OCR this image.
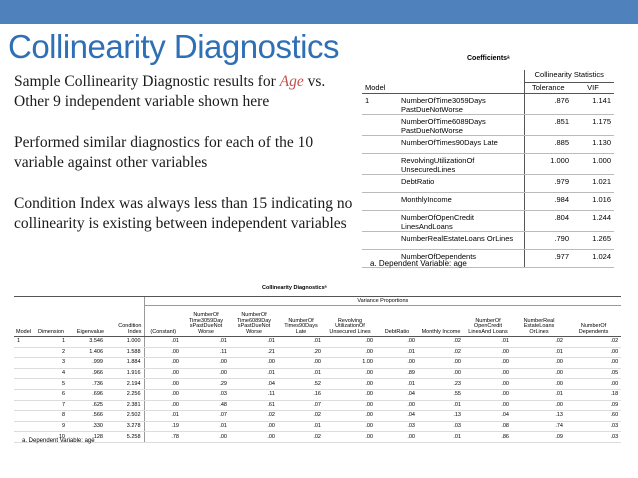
Collinearity Diagnostics

Sample Collinearity Diagnostic results for Age vs. Other 9 independent variable shown here

Performed similar diagnostics for each of the 10 variable against other variables

Condition Index was always less than 15 indicating no collinearity is existing between independent variables

Coefficientsᵃ
		Collinearity Statistics	
Model		Tolerance	VIF
1	NumberOfTime3059Days PastDueNotWorse	.876	1.141
	NumberOfTime6089Days PastDueNotWorse	.851	1.175
	NumberOfTimes90Days Late	.885	1.130
	RevolvingUtilizationOf UnsecuredLines	1.000	1.000
	DebtRatio	.979	1.021
	MonthlyIncome	.984	1.016
	NumberOfOpenCredit LinesAndLoans	.804	1.244
	NumberRealEstateLoans OrLines	.790	1.265
	NumberOfDependents	.977	1.024
a. Dependent Variable: age
Collinearity Diagnosticsᵃ
				Variance Proportions									
Model	Dimension	Eigenvalue	Condition Index	(Constant)	NumberOf Time3059Day sPastDueNot Worse	NumberOf Time6089Day sPastDueNot Worse	NumberOf Times90Days Late	Revolving UtilizationOf Unsecured Lines	DebtRatio	Monthly Income	NumberOf OpenCredit LinesAnd Loans	NumberReal EstateLoans OrLines	NumberOf Dependents
1	1	3.546	1.000	.01	.01	.01	.01	.00	.00	.02	.01	.02	.02
	2	1.406	1.588	.00	.11	.21	.20	.00	.01	.02	.00	.01	.00
	3	.999	1.884	.00	.00	.00	.00	1.00	.00	.00	.00	.00	.00
	4	.966	1.916	.00	.00	.01	.01	.00	.89	.00	.00	.00	.05
	5	.736	2.194	.00	.29	.04	.52	.00	.01	.23	.00	.00	.00
	6	.696	2.256	.00	.03	.11	.16	.00	.04	.55	.00	.01	.18
	7	.625	2.381	.00	.48	.61	.07	.00	.00	.01	.00	.00	.09
	8	.566	2.502	.01	.07	.02	.02	.00	.04	.13	.04	.13	.60
	9	.330	3.278	.19	.01	.00	.01	.00	.03	.03	.08	.74	.03
	10	.128	5.258	.78	.00	.00	.02	.00	.00	.01	.86	.09	.03
a. Dependent Variable: age
